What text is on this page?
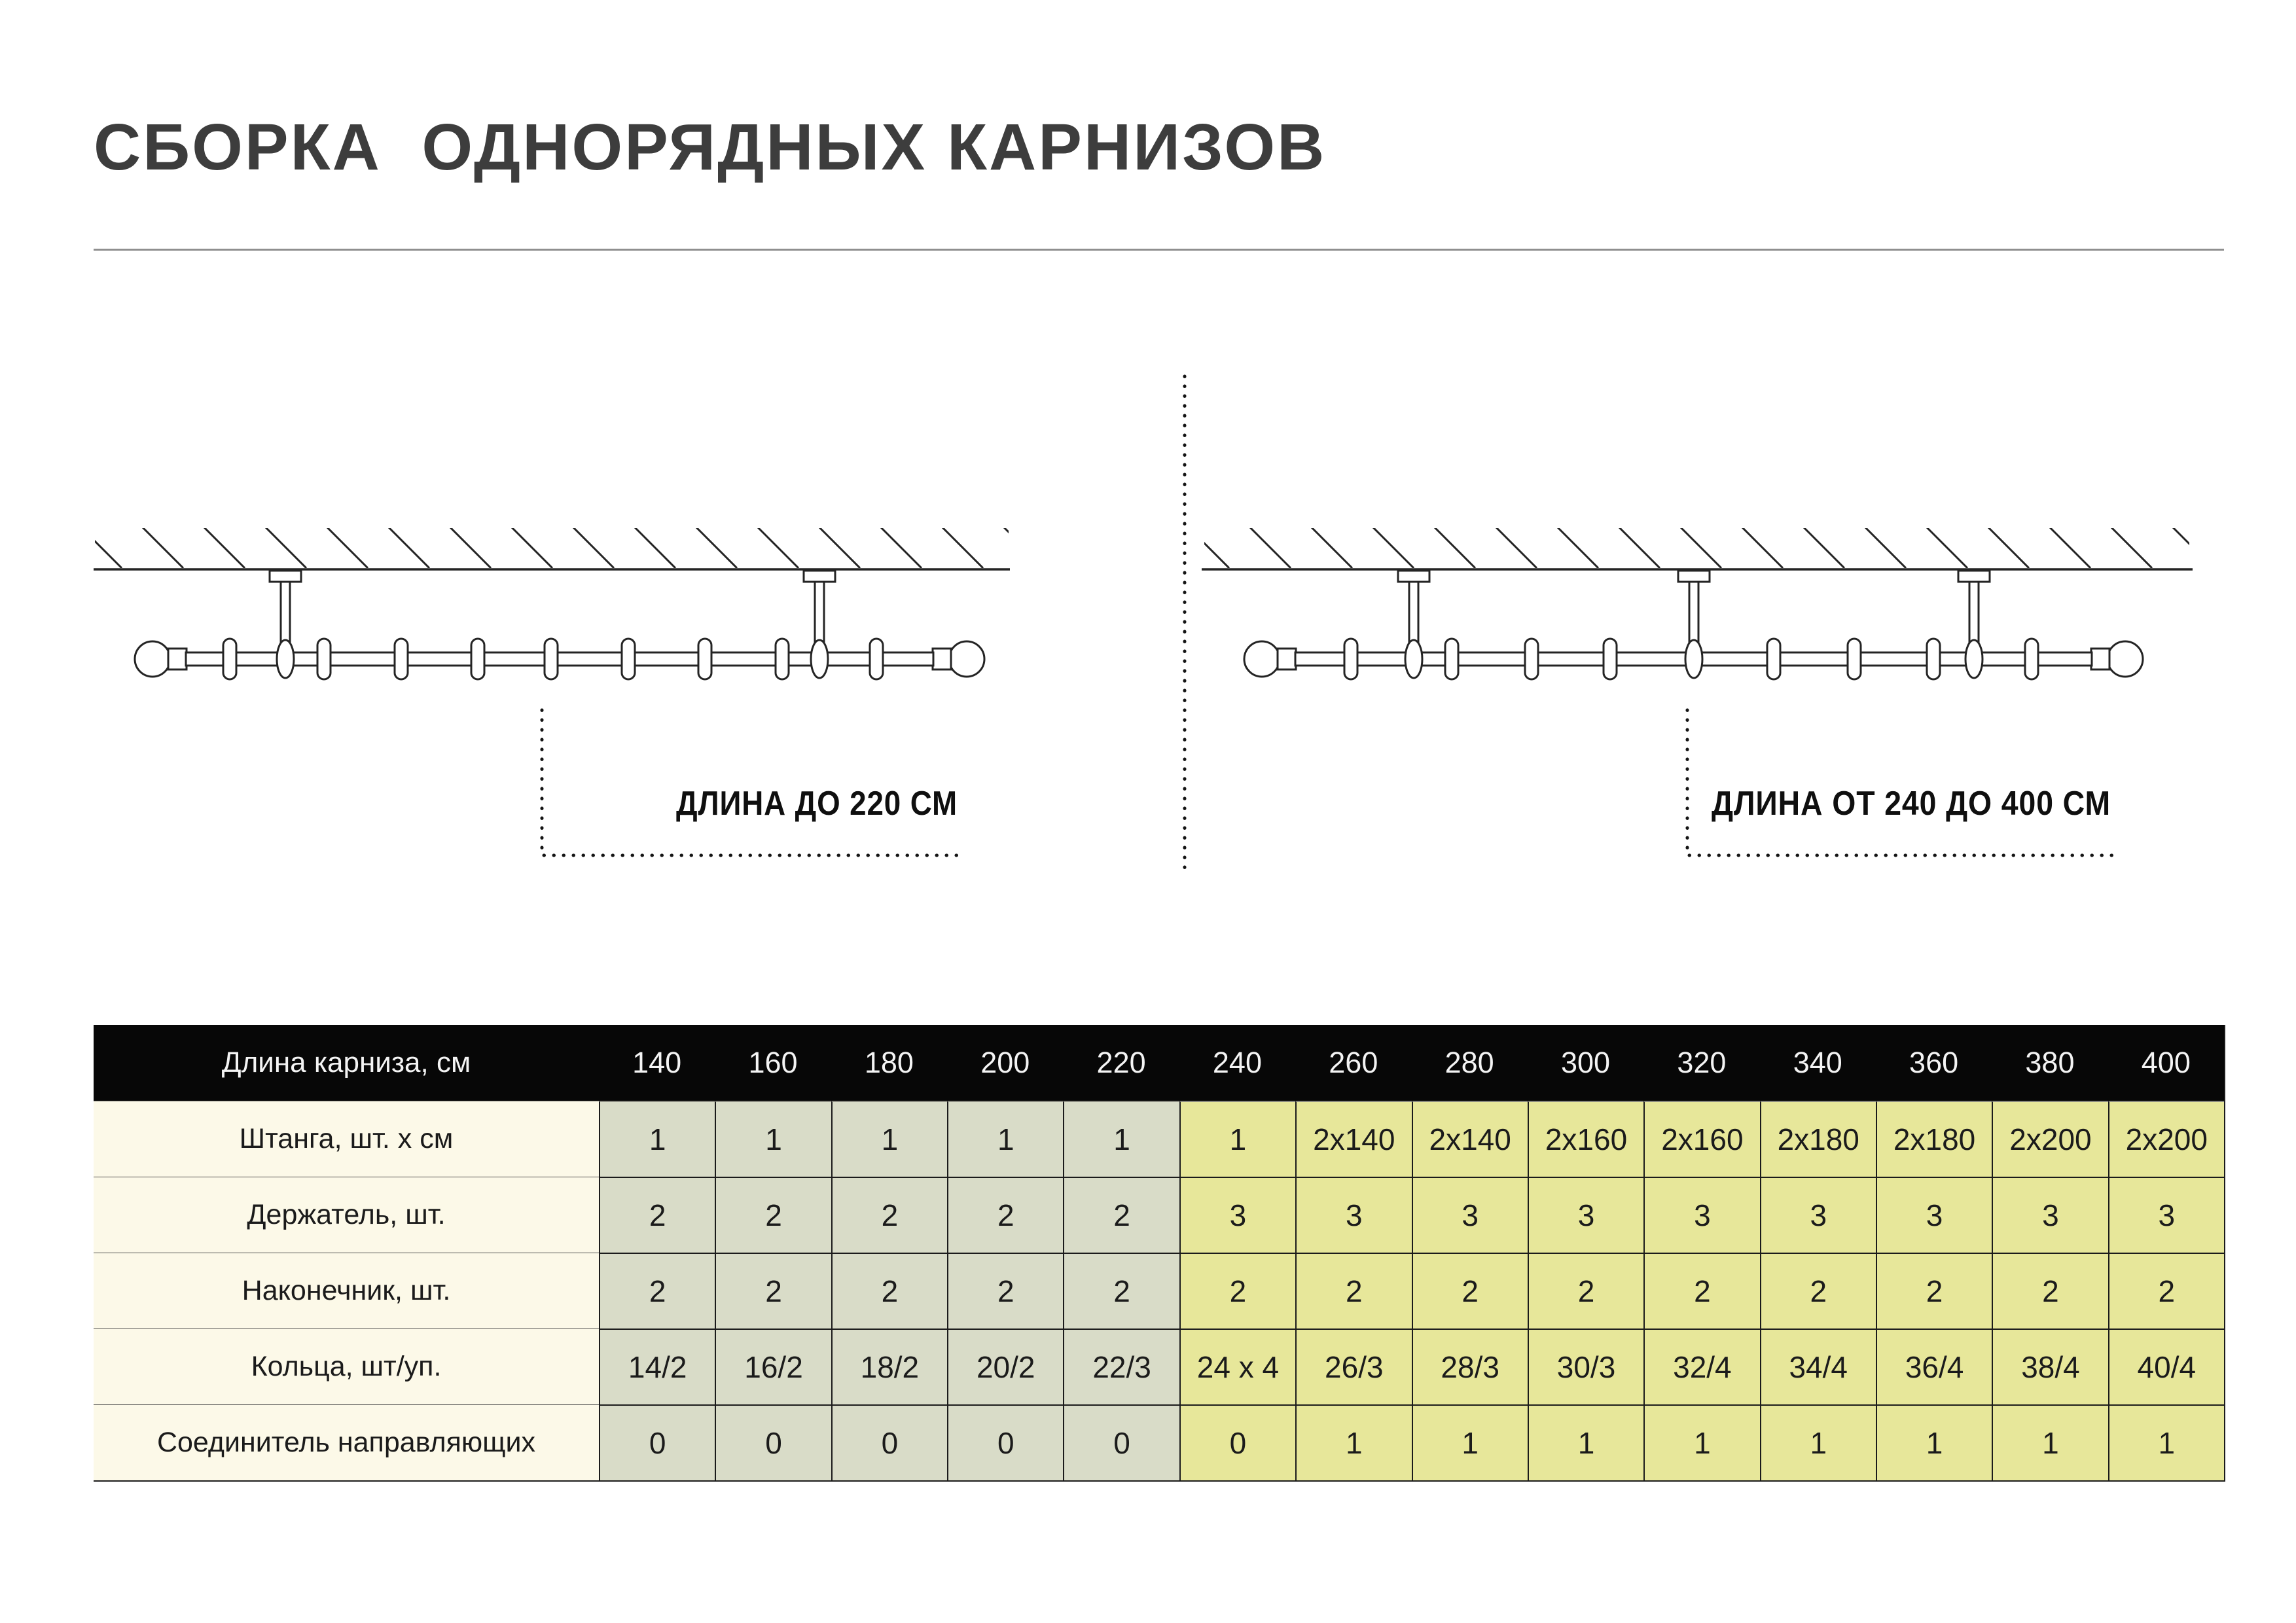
СБОРКА  ОДНОРЯДНЫХ КАРНИЗОВ
ДЛИНА ДО 220 СМ	ДЛИНА ОТ 240 ДО 400 СМ
Длина карниза, см	140	160	180	200	220	240	260	280	300	320	340	360	380	400
Штанга, шт. х см	1	1	1	1	1	1	2x140	2x140	2x160	2x160	2x180	2x180	2x200	2x200
Держатель, шт.	2	2	2	2	2	3	3	3	3	3	3	3	3	3
Наконечник, шт.	2	2	2	2	2	2	2	2	2	2	2	2	2	2
Кольца, шт/уп.	14/2	16/2	18/2	20/2	22/3	24 x 4	26/3	28/3	30/3	32/4	34/4	36/4	38/4	40/4
Соединитель направляющих	0	0	0	0	0	0	1	1	1	1	1	1	1	1
